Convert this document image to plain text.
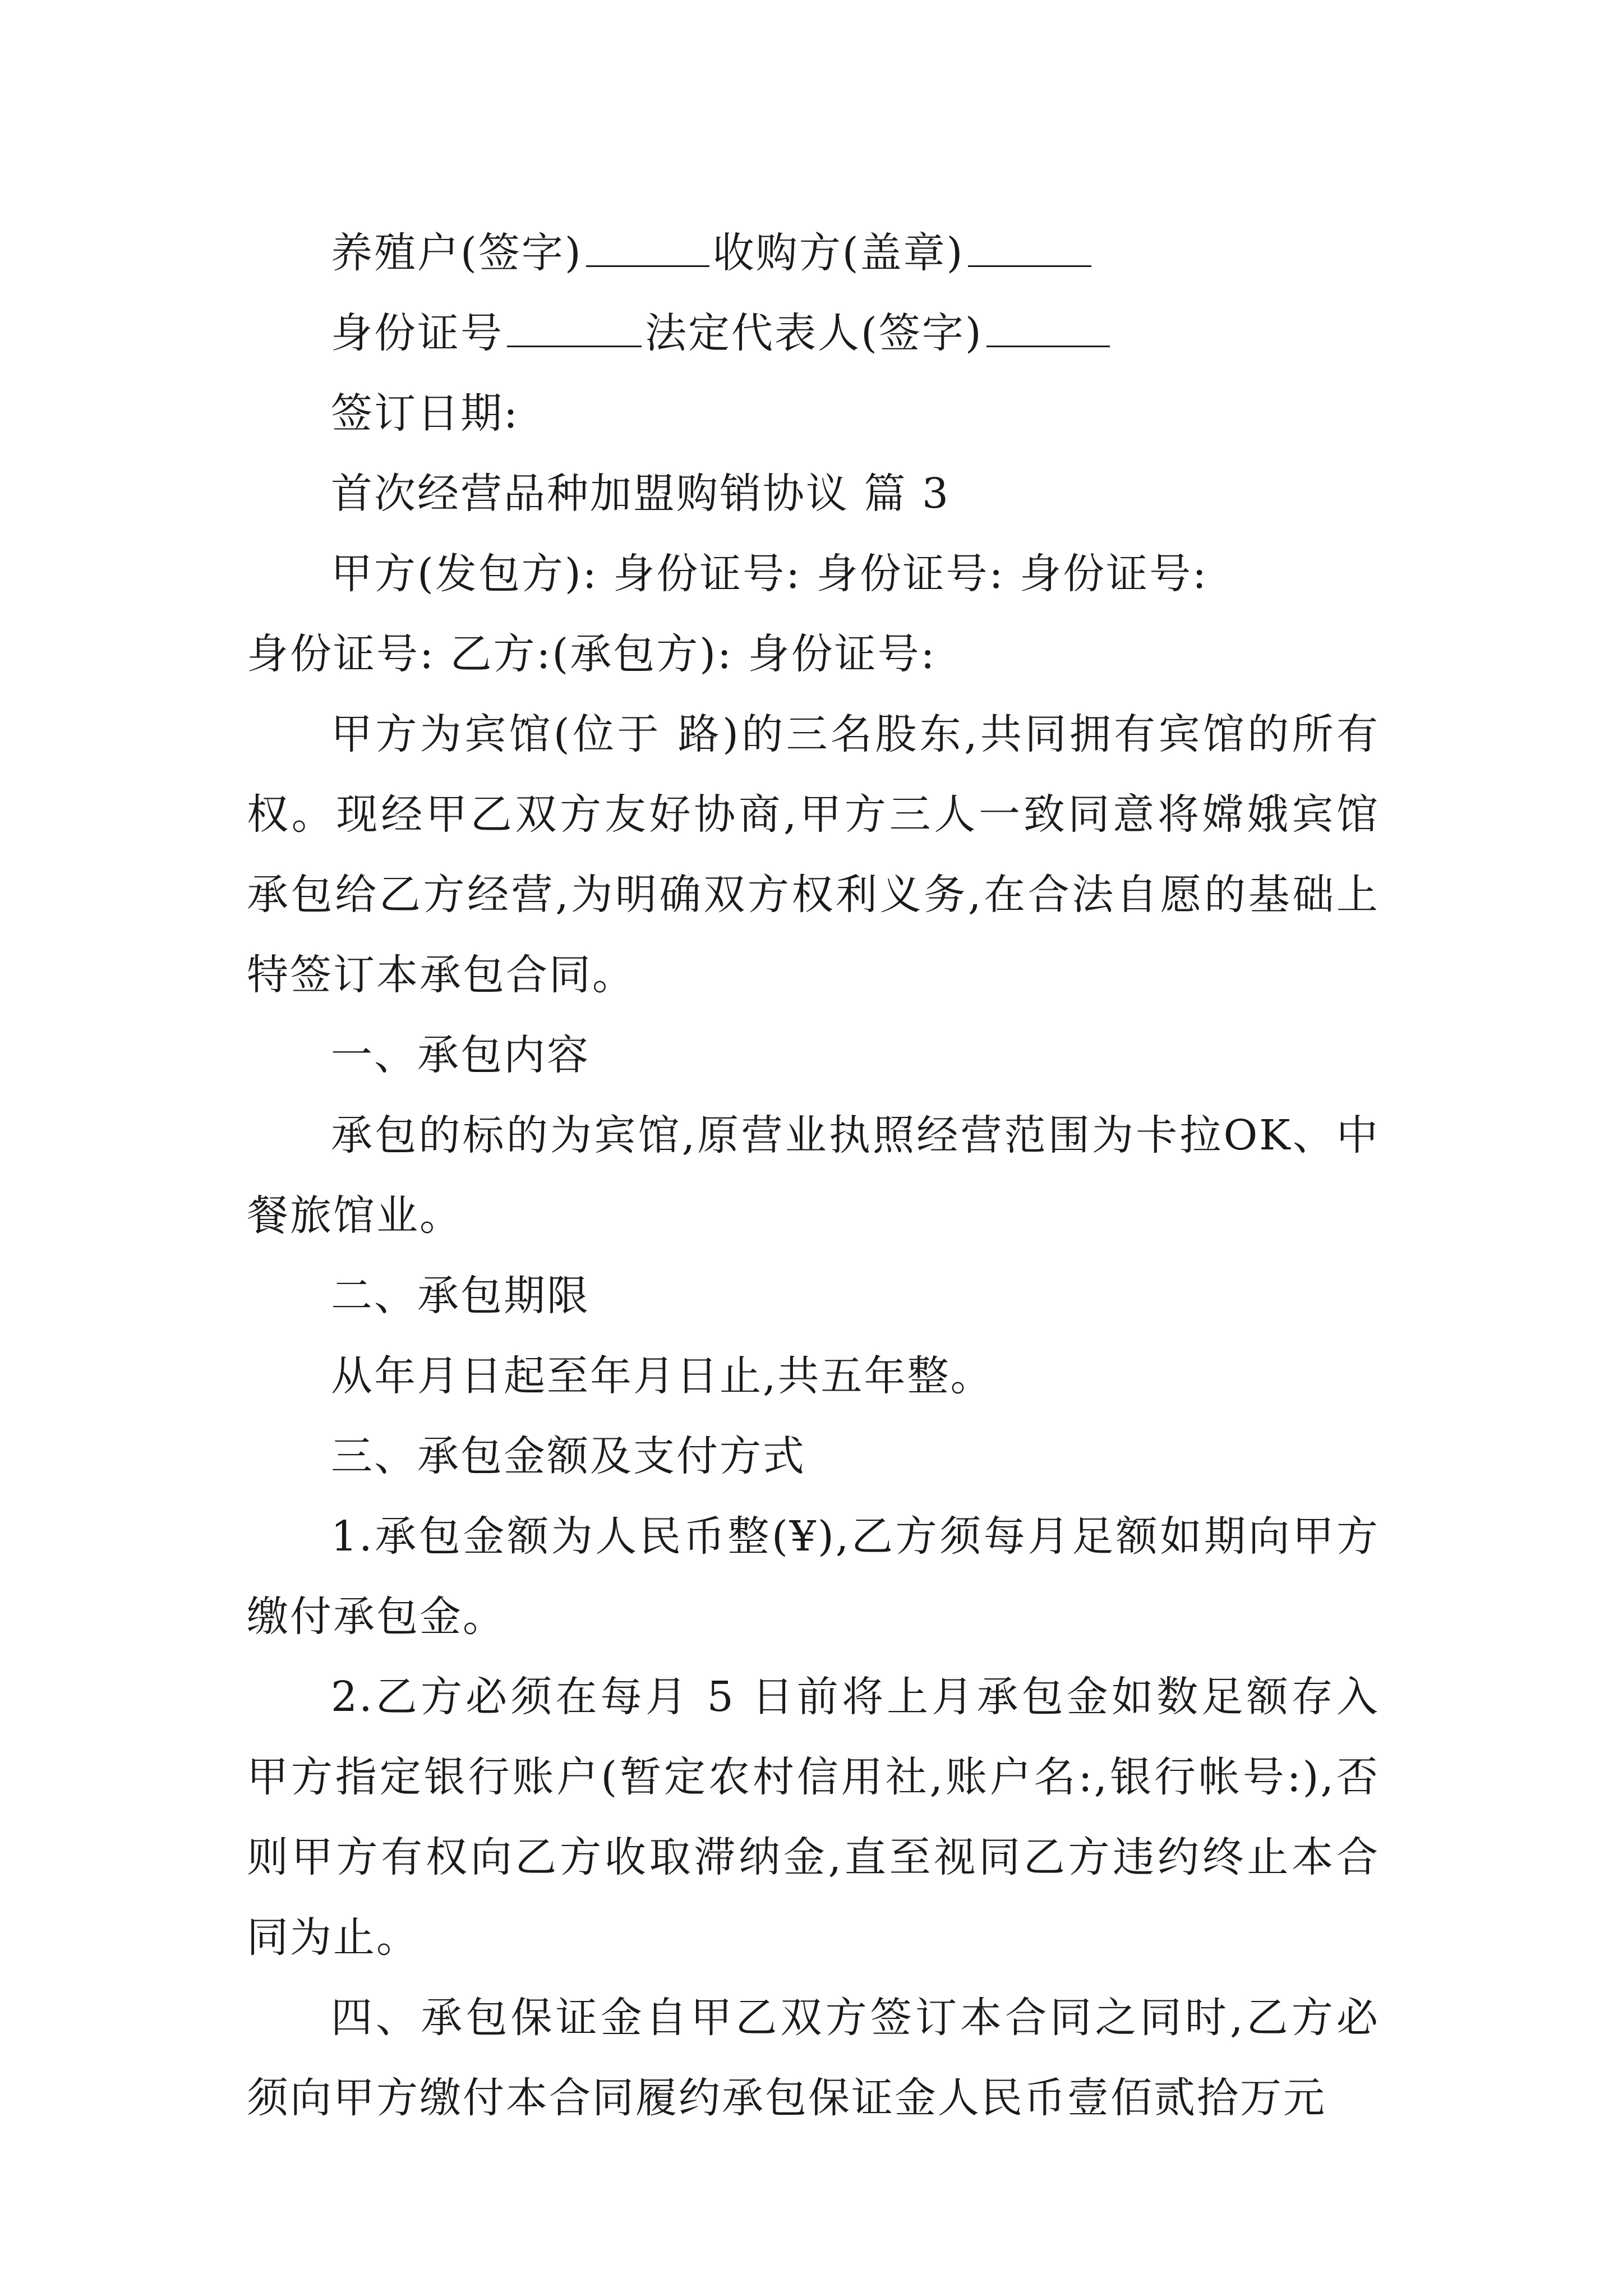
养殖户(签字)	收购方(盖章)

身份证号	法定代表人(签字)

签订日期:

首次经营品种加盟购销协议 篇 3

甲方(发包方): 身份证号: 身份证号: 身份证号:

身份证号: 乙方:(承包方): 身份证号:

甲方为宾馆(位于 路)的三名股东,共同拥有宾馆的所有权。现经甲乙双方友好协商,甲方三人一致同意将嫦娥宾馆承包给乙方经营,为明确双方权利义务,在合法自愿的基础上特签订本承包合同。

一、承包内容

承包的标的为宾馆,原营业执照经营范围为卡拉OK、中餐旅馆业。

二、承包期限

从年月日起至年月日止,共五年整。

三、承包金额及支付方式

1.承包金额为人民币整(¥),乙方须每月足额如期向甲方缴付承包金。

2.乙方必须在每月 5 日前将上月承包金如数足额存入甲方指定银行账户(暂定农村信用社,账户名:,银行帐号:),否则甲方有权向乙方收取滞纳金,直至视同乙方违约终止本合同为止。

四、承包保证金自甲乙双方签订本合同之同时,乙方必须向甲方缴付本合同履约承包保证金人民币壹佰贰拾万元
